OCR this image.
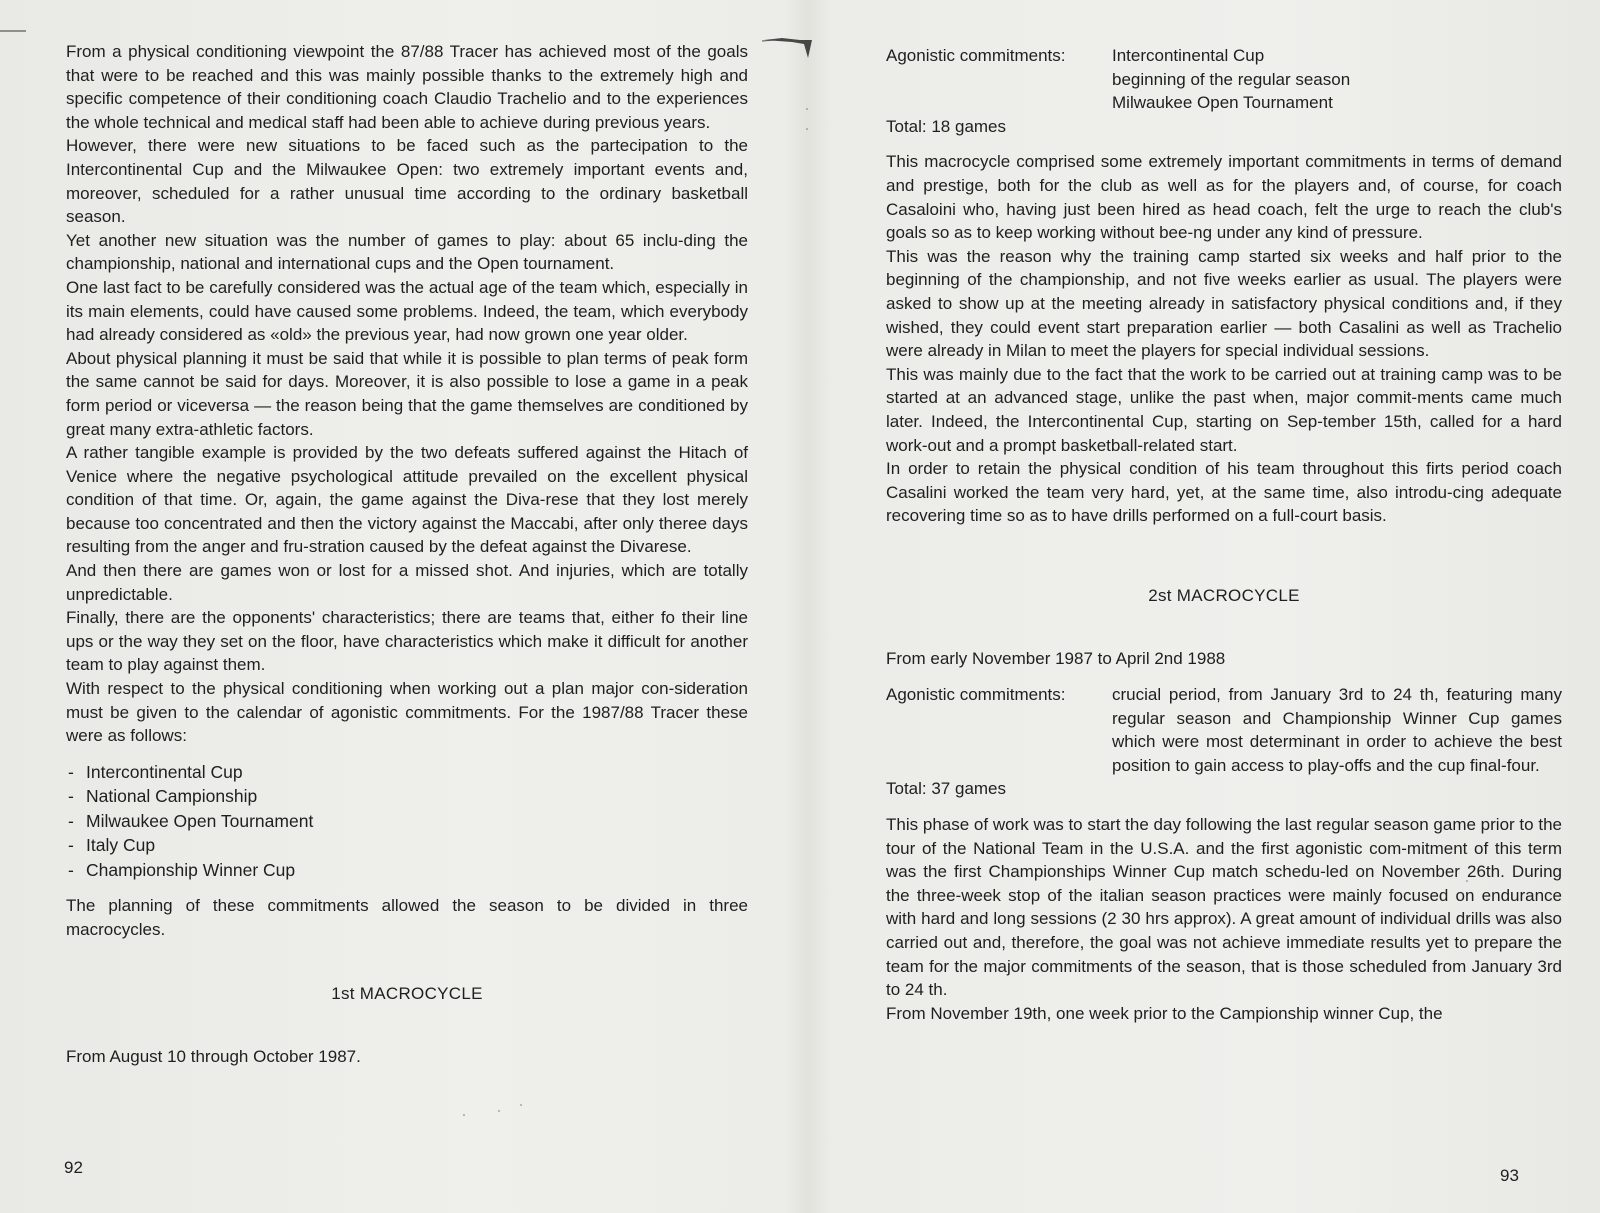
From a physical conditioning viewpoint the 87/88 Tracer has achieved most of the goals that were to be reached and this was mainly possible thanks to the extremely high and specific competence of their conditioning coach Claudio Trachelio and to the experiences the whole technical and medical staff had been able to achieve during previous years.

However, there were new situations to be faced such as the partecipation to the Intercontinental Cup and the Milwaukee Open: two extremely important events and, moreover, scheduled for a rather unusual time according to the ordinary basketball season.

Yet another new situation was the number of games to play: about 65 inclu-ding the championship, national and international cups and the Open tournament.

One last fact to be carefully considered was the actual age of the team which, especially in its main elements, could have caused some problems. Indeed, the team, which everybody had already considered as «old» the previous year, had now grown one year older.

About physical planning it must be said that while it is possible to plan terms of peak form the same cannot be said for days. Moreover, it is also possible to lose a game in a peak form period or viceversa — the reason being that the game themselves are conditioned by great many extra-athletic factors.

A rather tangible example is provided by the two defeats suffered against the Hitach of Venice where the negative psychological attitude prevailed on the excellent physical condition of that time. Or, again, the game against the Diva-rese that they lost merely because too concentrated and then the victory against the Maccabi, after only theree days resulting from the anger and fru-stration caused by the defeat against the Divarese.

And then there are games won or lost for a missed shot. And injuries, which are totally unpredictable.

Finally, there are the opponents' characteristics; there are teams that, either fo their line ups or the way they set on the floor, have characteristics which make it difficult for another team to play against them.

With respect to the physical conditioning when working out a plan major con-sideration must be given to the calendar of agonistic commitments. For the 1987/88 Tracer these were as follows:

- Intercontinental Cup
- National Campionship
- Milwaukee Open Tournament
- Italy Cup
- Championship Winner Cup

The planning of these commitments allowed the season to be divided in three macrocycles.

1st MACROCYCLE

From August 10 through October 1987.

92
Agonistic commitments:	Intercontinental Cup
beginning of the regular season
Milwaukee Open Tournament

Total: 18 games

This macrocycle comprised some extremely important commitments in terms of demand and prestige, both for the club as well as for the players and, of course, for coach Casaloini who, having just been hired as head coach, felt the urge to reach the club's goals so as to keep working without bee-ng under any kind of pressure.

This was the reason why the training camp started six weeks and half prior to the beginning of the championship, and not five weeks earlier as usual. The players were asked to show up at the meeting already in satisfactory physical conditions and, if they wished, they could event start preparation earlier — both Casalini as well as Trachelio were already in Milan to meet the players for special individual sessions.

This was mainly due to the fact that the work to be carried out at training camp was to be started at an advanced stage, unlike the past when, major commit-ments came much later. Indeed, the Intercontinental Cup, starting on Sep-tember 15th, called for a hard work-out and a prompt basketball-related start.

In order to retain the physical condition of his team throughout this firts period coach Casalini worked the team very hard, yet, at the same time, also introdu-cing adequate recovering time so as to have drills performed on a full-court basis.

2st MACROCYCLE

From early November 1987 to April 2nd 1988

Agonistic commitments:	crucial period, from January 3rd to 24 th, featuring many regular season and Championship Winner Cup games which were most determinant in order to achieve the best position to gain access to play-offs and the cup final-four.

Total: 37 games

This phase of work was to start the day following the last regular season game prior to the tour of the National Team in the U.S.A. and the first agonistic com-mitment of this term was the first Championships Winner Cup match schedu-led on November 26th. During the three-week stop of the italian season practices were mainly focused on endurance with hard and long sessions (2 30 hrs approx). A great amount of individual drills was also carried out and, therefore, the goal was not achieve immediate results yet to prepare the team for the major commitments of the season, that is those scheduled from January 3rd to 24 th.

From November 19th, one week prior to the Campionship winner Cup, the

93
